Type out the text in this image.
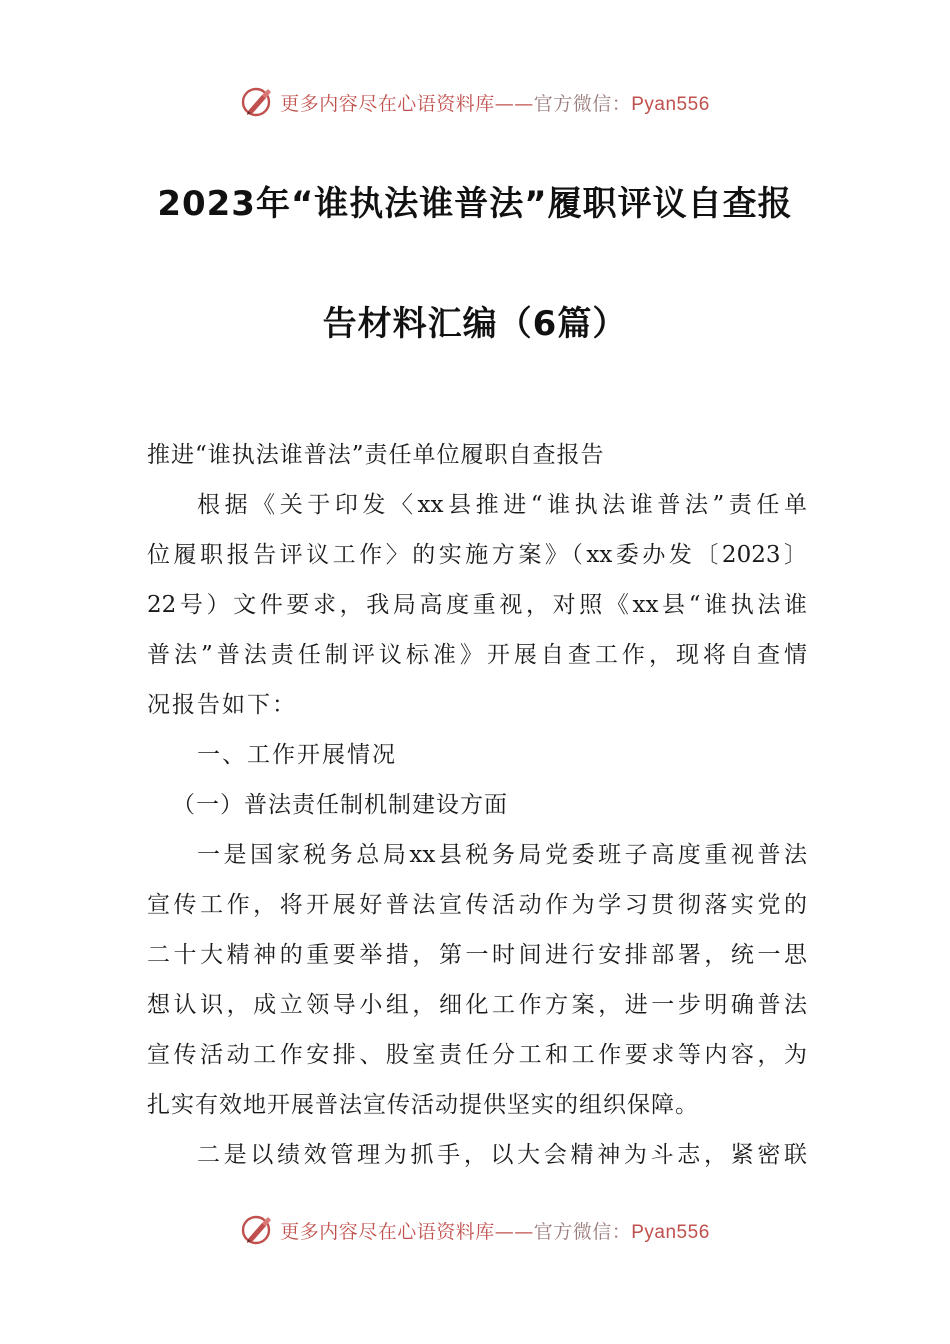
更多内容尽在心语资料库——官方微信：Pyan556
2023年“谁执法谁普法”履职评议自查报
告材料汇编（6篇）
推进“谁执法谁普法”责任单位履职自查报告
根据《关于印发〈xx县推进“谁执法谁普法”责任单
位履职报告评议工作〉的实施方案》（xx委办发〔2023〕
22号）文件要求，我局高度重视，对照《xx县“谁执法谁
普法”普法责任制评议标准》开展自查工作，现将自查情
况报告如下：
一、工作开展情况
（一）普法责任制机制建设方面
一是国家税务总局xx县税务局党委班子高度重视普法
宣传工作，将开展好普法宣传活动作为学习贯彻落实党的
二十大精神的重要举措，第一时间进行安排部署，统一思
想认识，成立领导小组，细化工作方案，进一步明确普法
宣传活动工作安排、股室责任分工和工作要求等内容，为
扎实有效地开展普法宣传活动提供坚实的组织保障。
二是以绩效管理为抓手，以大会精神为斗志，紧密联
更多内容尽在心语资料库——官方微信：Pyan556
